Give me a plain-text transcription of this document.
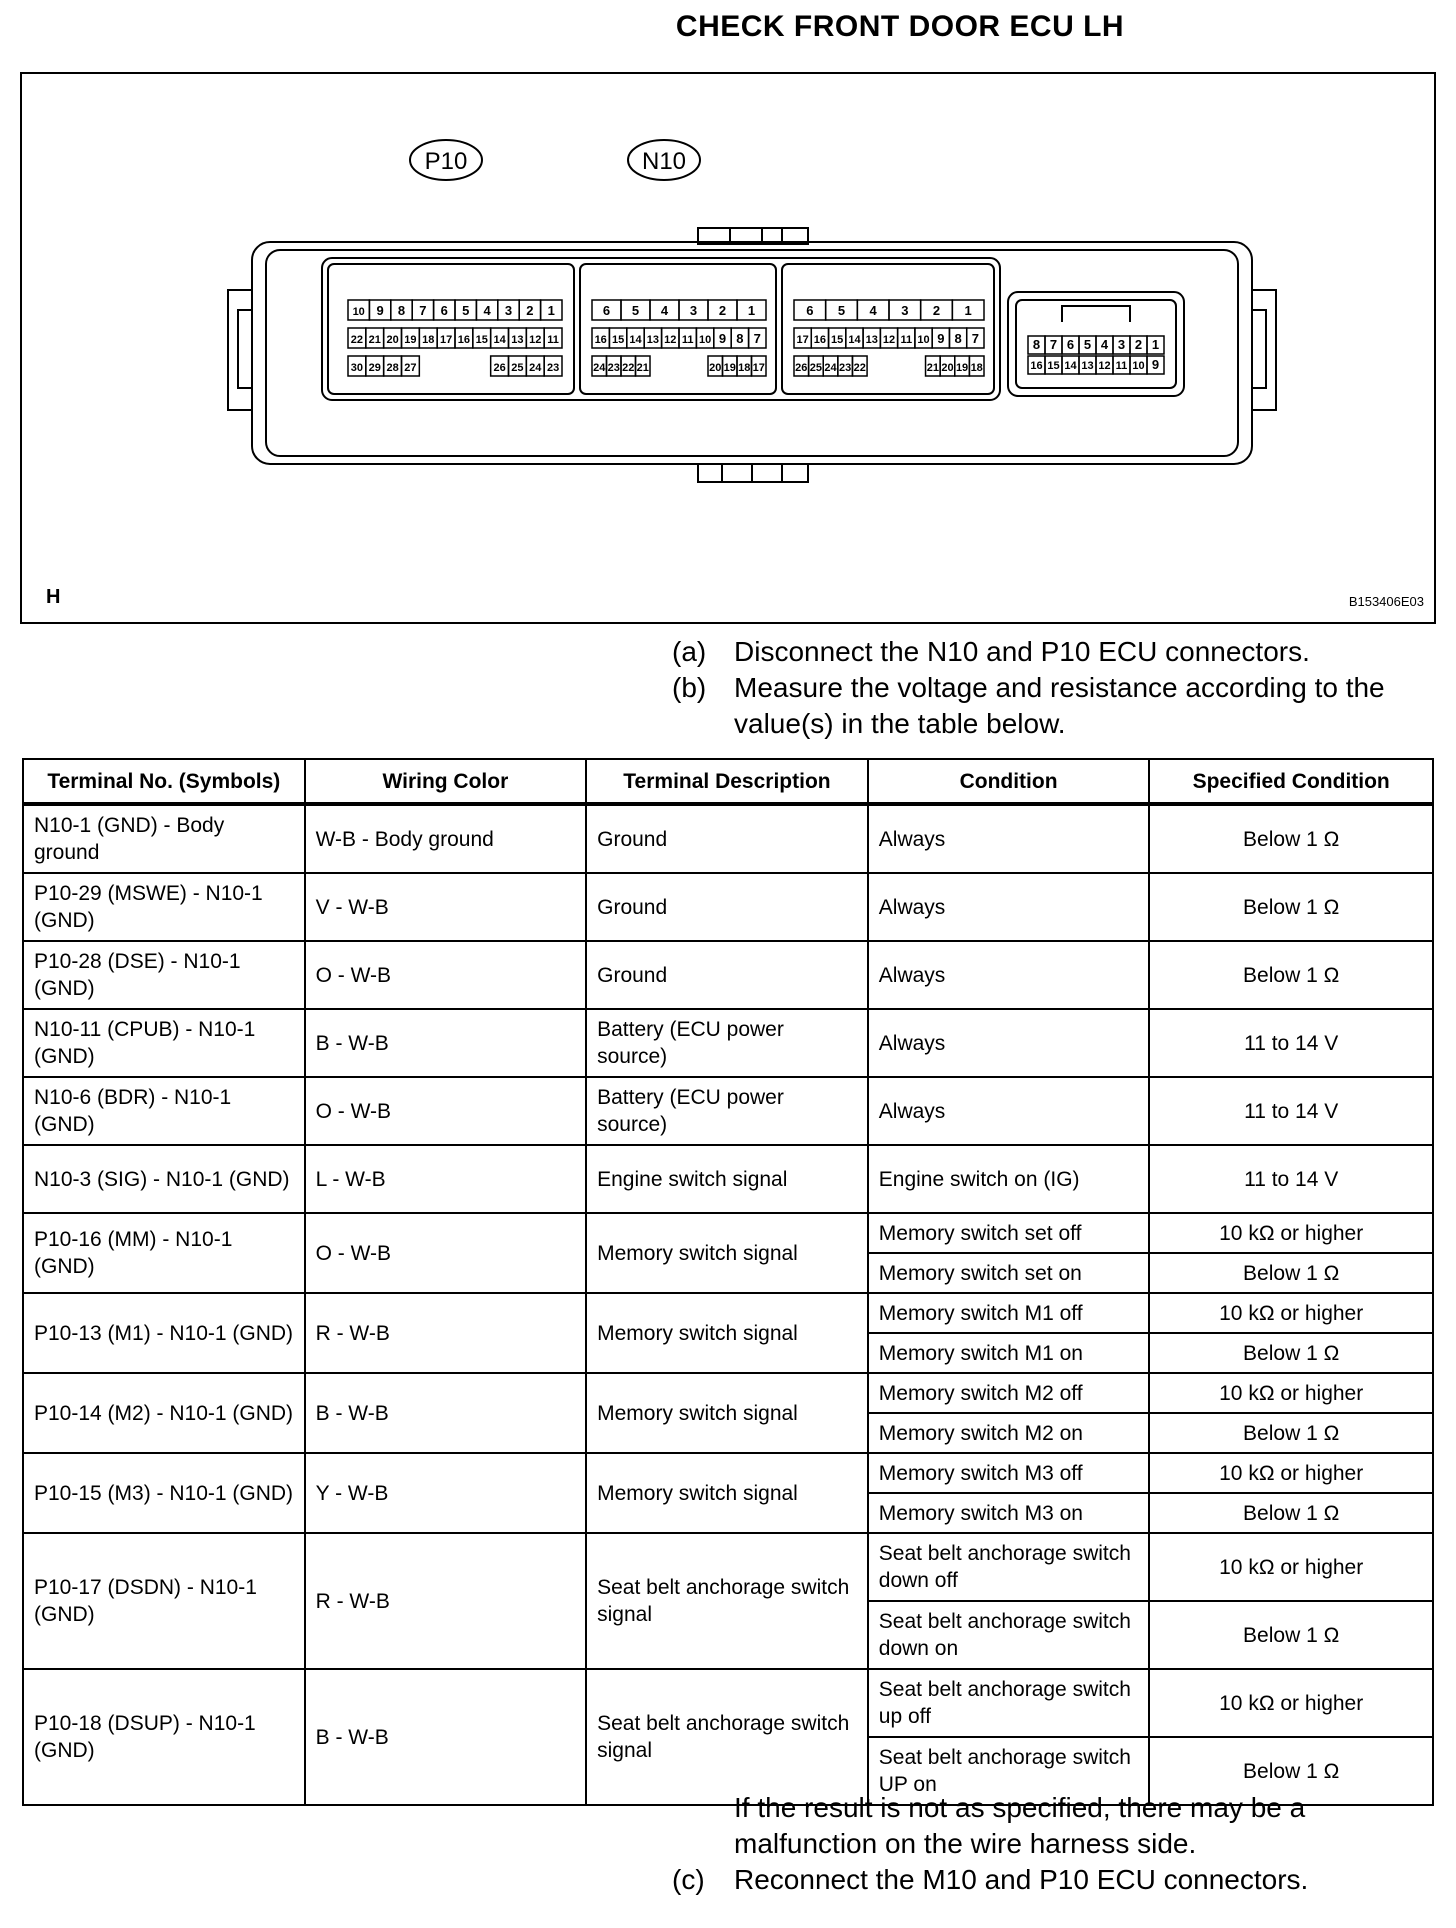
CHECK FRONT DOOR ECU LH
10 9 8 7 6 5 4 3 2 1
22 21 20 19 18 17 16 15 14 13 12 11
30 29 28 27	26 25 24 23
6 5 4 3 2 1
16 15 14 13 12 11 10 9 8 7
24 23 22 21	20 19 18 17
6 5 4 3 2 1
17 16 15 14 13 12 11 10 9 8 7
26 25 24 23 22	21 20 19 18
8 7 6 5 4 3 2 1
16 15 14 13 12 11 10 9
P10	N10
H	B153406E03
(a) Disconnect the N10 and P10 ECU connectors.
(b) Measure the voltage and resistance according to the value(s) in the table below.
Terminal No. (Symbols)	Wiring Color	Terminal Description	Condition	Specified Condition
N10-1 (GND) - Body ground	W-B - Body ground	Ground	Always	Below 1 Ω
P10-29 (MSWE) - N10-1 (GND)	V - W-B	Ground	Always	Below 1 Ω
P10-28 (DSE) - N10-1 (GND)	O - W-B	Ground	Always	Below 1 Ω
N10-11 (CPUB) - N10-1 (GND)	B - W-B	Battery (ECU power source)	Always	11 to 14 V
N10-6 (BDR) - N10-1 (GND)	O - W-B	Battery (ECU power source)	Always	11 to 14 V
N10-3 (SIG) - N10-1 (GND)	L - W-B	Engine switch signal	Engine switch on (IG)	11 to 14 V
P10-16 (MM) - N10-1 (GND)	O - W-B	Memory switch signal	Memory switch set off	10 kΩ or higher
			Memory switch set on	Below 1 Ω
P10-13 (M1) - N10-1 (GND)	R - W-B	Memory switch signal	Memory switch M1 off	10 kΩ or higher
			Memory switch M1 on	Below 1 Ω
P10-14 (M2) - N10-1 (GND)	B - W-B	Memory switch signal	Memory switch M2 off	10 kΩ or higher
			Memory switch M2 on	Below 1 Ω
P10-15 (M3) - N10-1 (GND)	Y - W-B	Memory switch signal	Memory switch M3 off	10 kΩ or higher
			Memory switch M3 on	Below 1 Ω
P10-17 (DSDN) - N10-1 (GND)	R - W-B	Seat belt anchorage switch signal	Seat belt anchorage switch down off	10 kΩ or higher
			Seat belt anchorage switch down on	Below 1 Ω
P10-18 (DSUP) - N10-1 (GND)	B - W-B	Seat belt anchorage switch signal	Seat belt anchorage switch up off	10 kΩ or higher
			Seat belt anchorage switch UP on	Below 1 Ω
If the result is not as specified, there may be a malfunction on the wire harness side.
(c) Reconnect the M10 and P10 ECU connectors.
